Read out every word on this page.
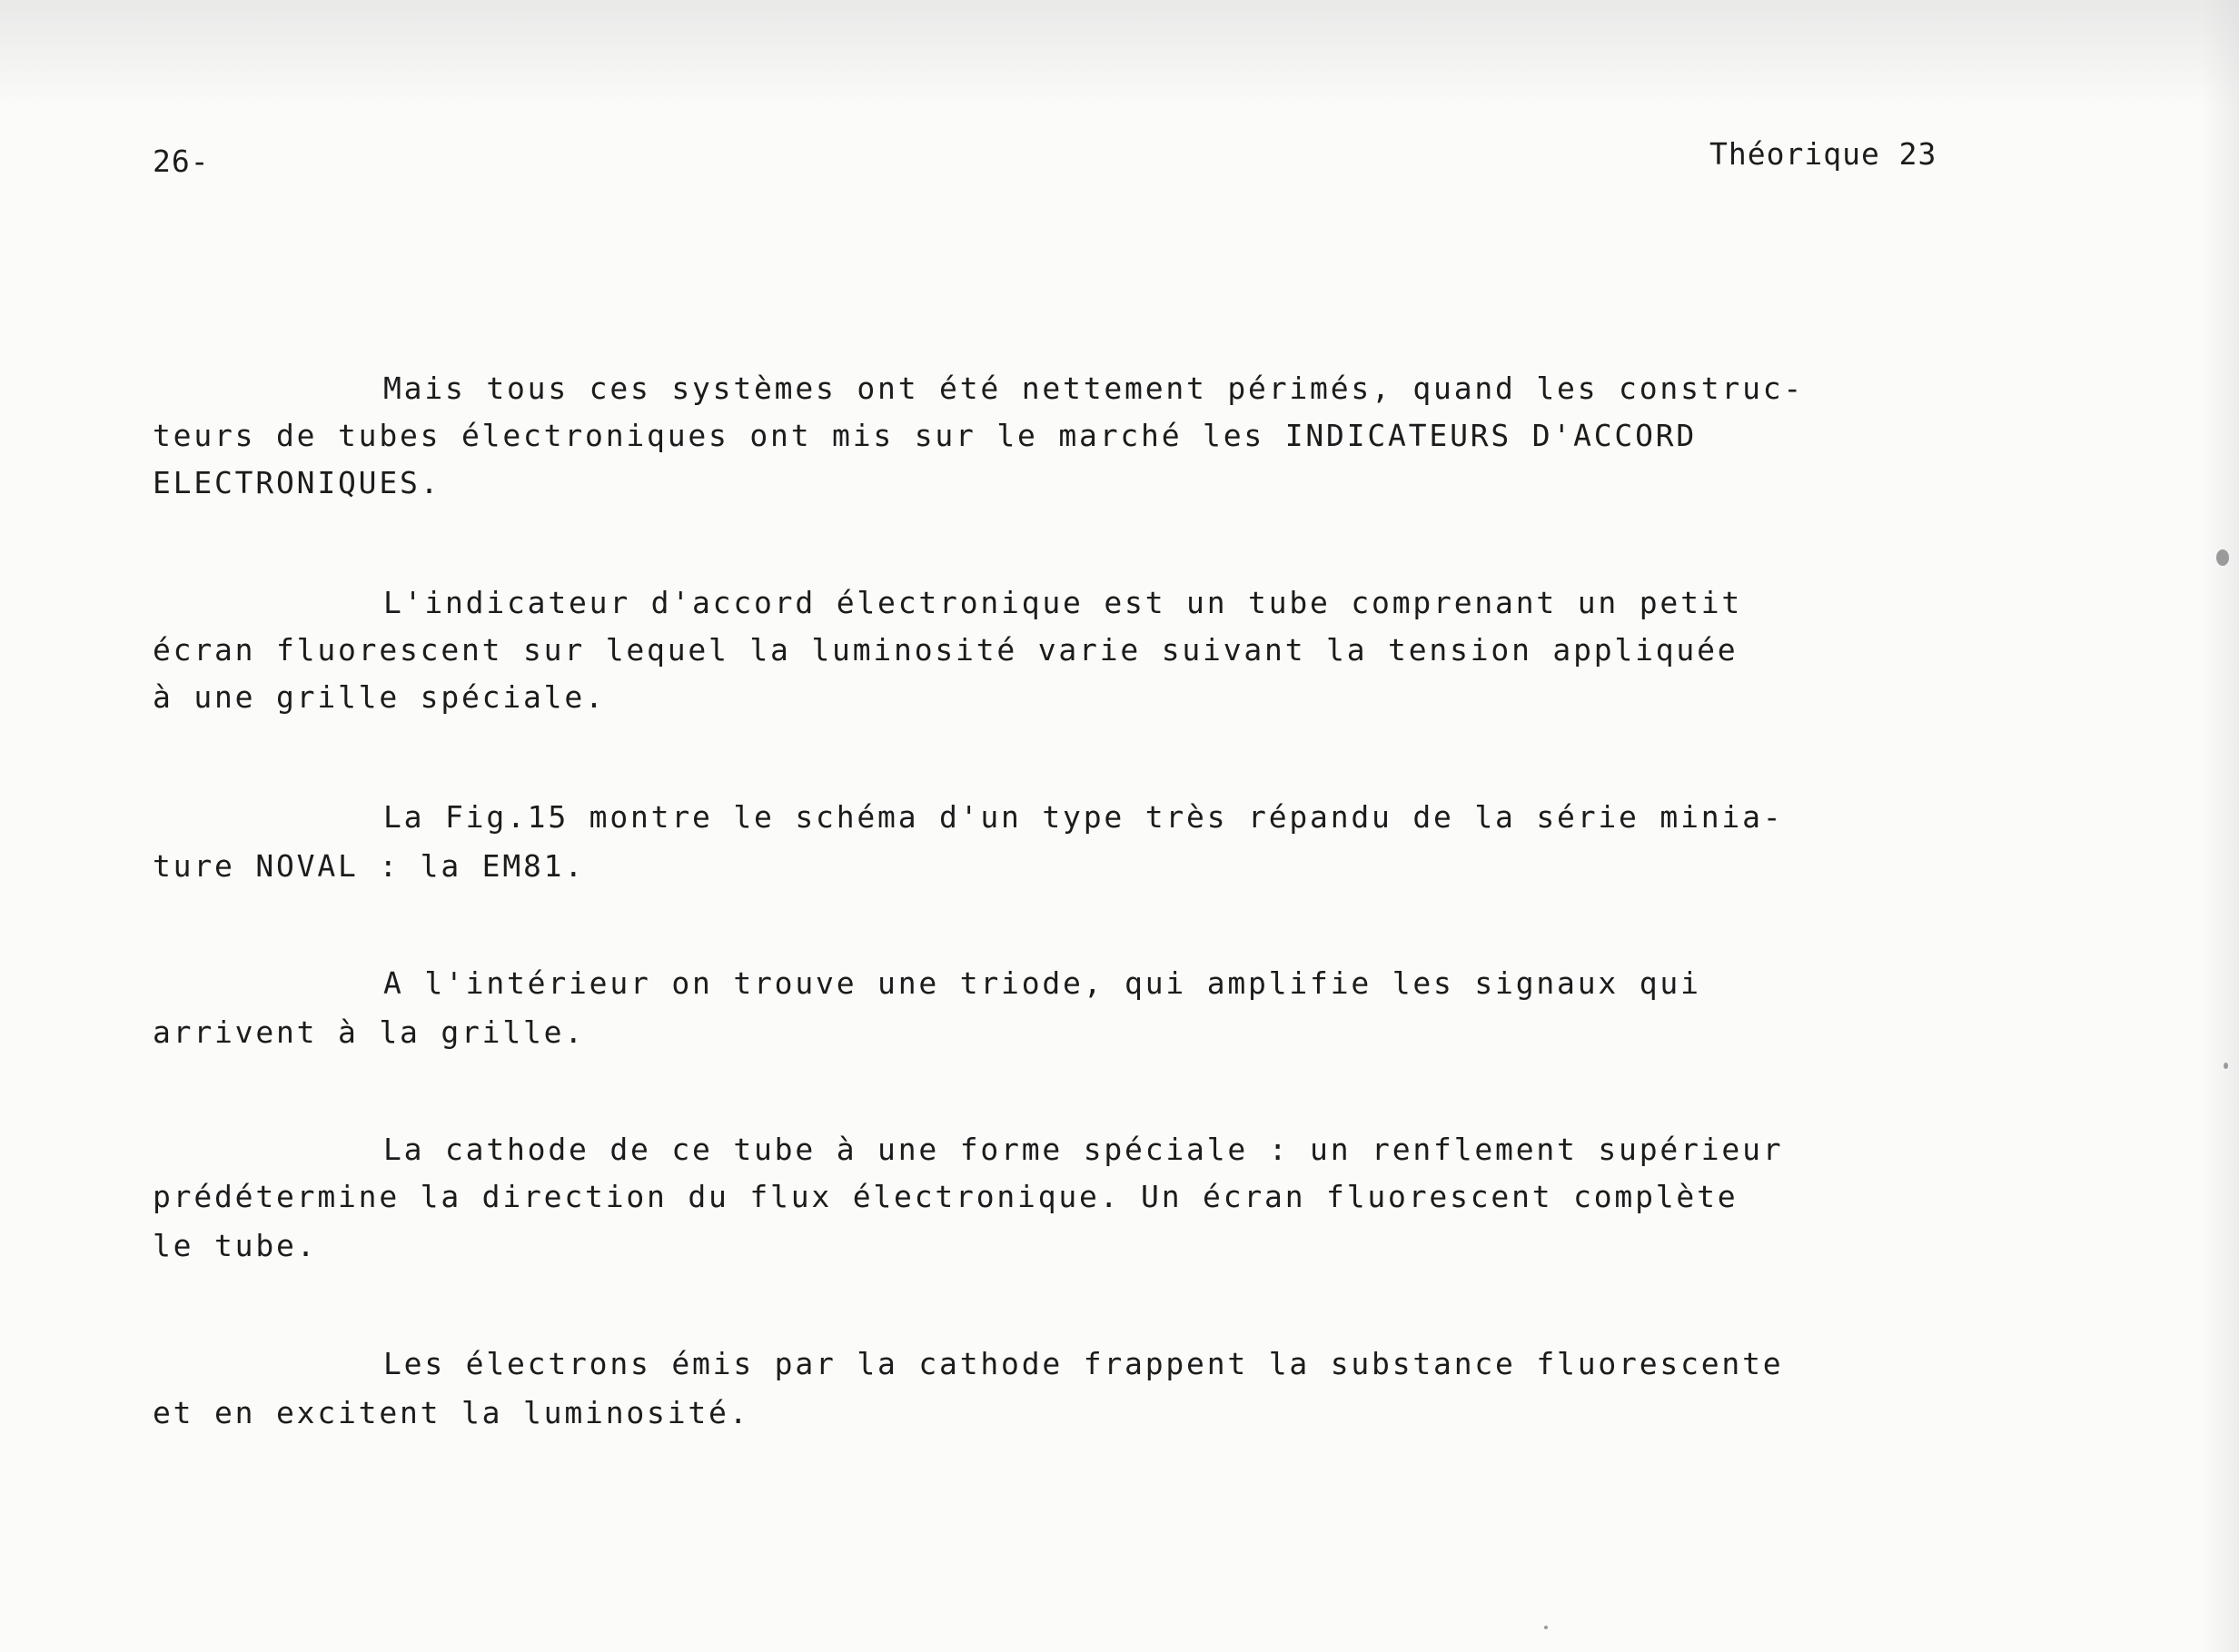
26-	Théorique 23
Mais tous ces systèmes ont été nettement périmés, quand les construc-
teurs de tubes électroniques ont mis sur le marché les INDICATEURS D'ACCORD
ELECTRONIQUES.
L'indicateur d'accord électronique est un tube comprenant un petit
écran fluorescent sur lequel la luminosité varie suivant la tension appliquée
à une grille spéciale.
La Fig.15 montre le schéma d'un type très répandu de la série minia-
ture NOVAL : la EM81.
A l'intérieur on trouve une triode, qui amplifie les signaux qui
arrivent à la grille.
La cathode de ce tube à une forme spéciale : un renflement supérieur
prédétermine la direction du flux électronique. Un écran fluorescent complète
le tube.
Les électrons émis par la cathode frappent la substance fluorescente
et en excitent la luminosité.
